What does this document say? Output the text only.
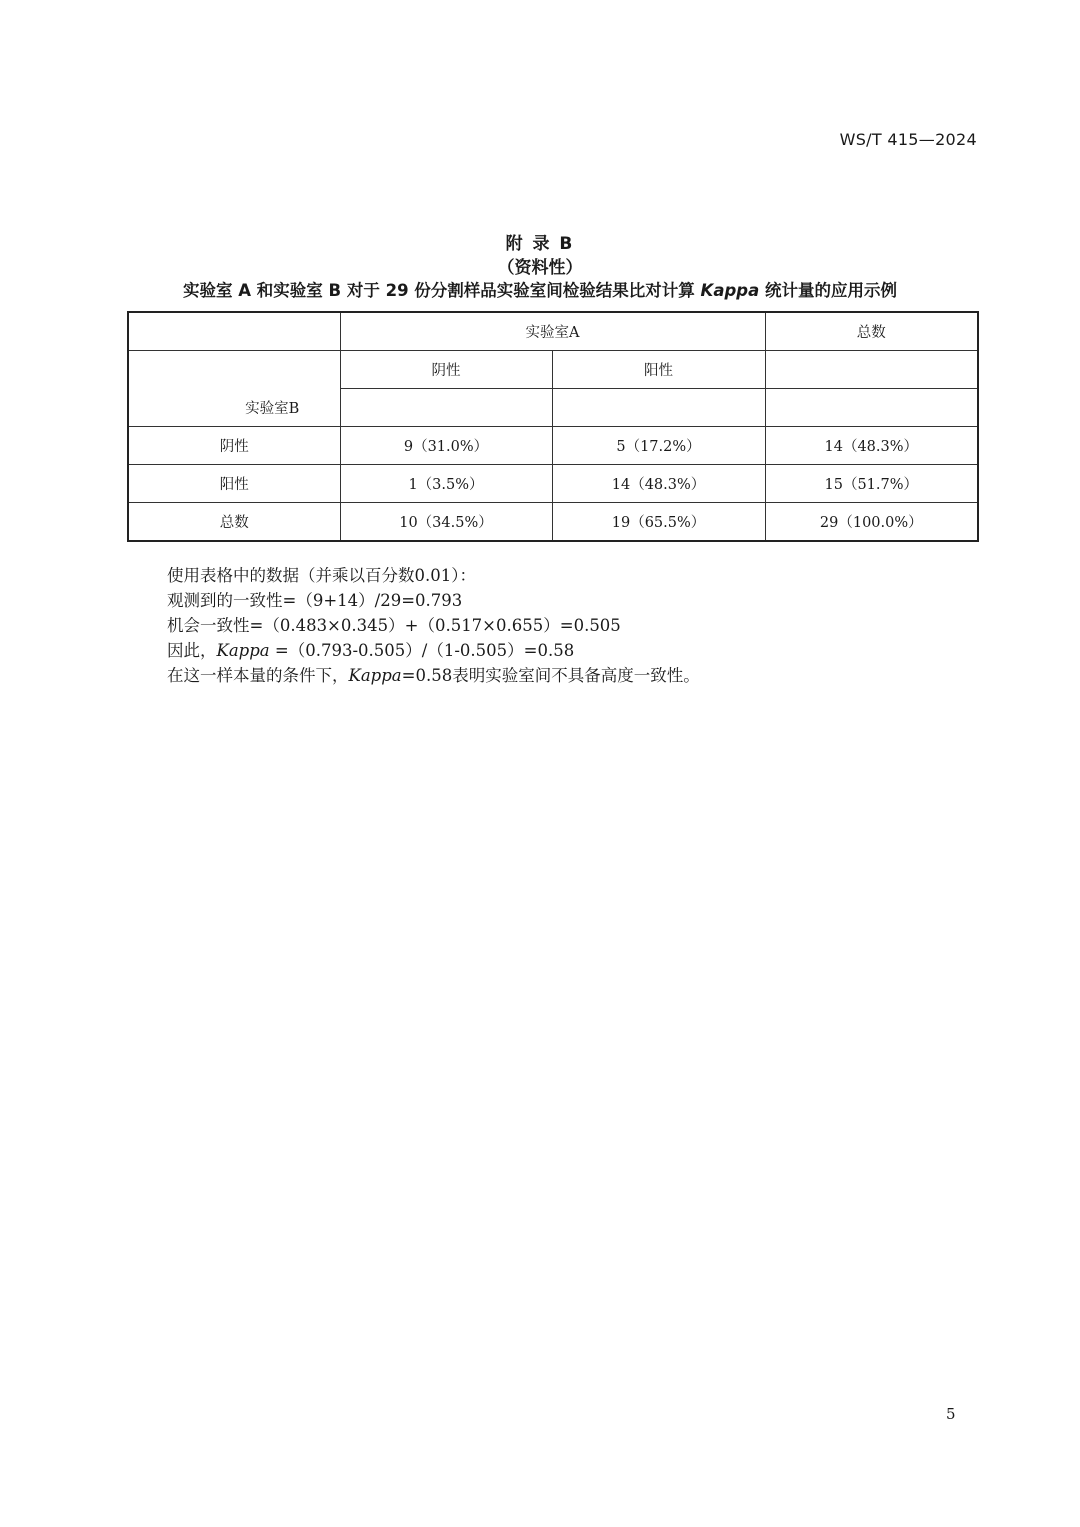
WS/T 415—2024
附 录 B
（资料性）
实验室 A 和实验室 B 对于 29 份分割样品实验室间检验结果比对计算 Kappa 统计量的应用示例
	实验室A		总数
	阴性	阳性	
实验室B			
阴性	9（31.0%）	5（17.2%）	14（48.3%）
阳性	1（3.5%）	14（48.3%）	15（51.7%）
总数	10（34.5%）	19（65.5%）	29（100.0%）
使用表格中的数据（并乘以百分数0.01）：
观测到的一致性=（9+14）/29=0.793
机会一致性=（0.483×0.345）+（0.517×0.655）=0.505
因此，Kappa =（0.793-0.505）/（1-0.505）=0.58
在这一样本量的条件下，Kappa=0.58表明实验室间不具备高度一致性。
5
